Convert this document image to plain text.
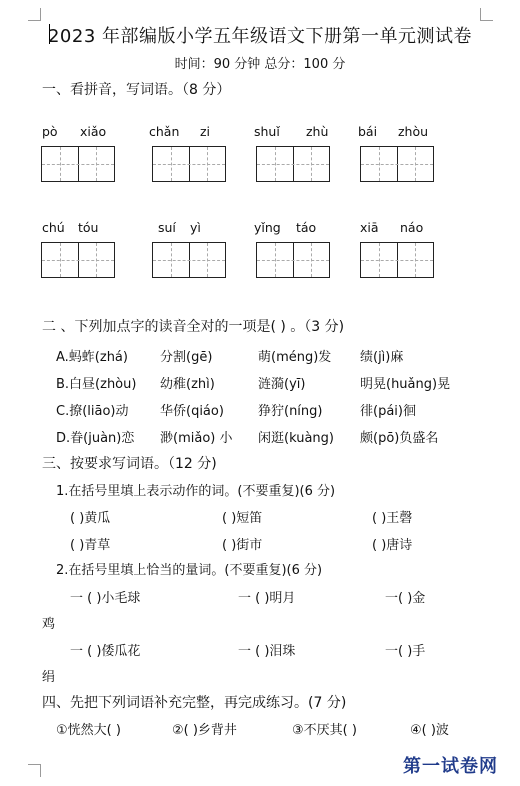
2023 年部编版小学五年级语文下册第一单元测试卷
时间：90 分钟 总分：100 分
一、看拼音，写词语。（8 分）
pò xiǎo	chǎn zi	shuǐ zhù bái zhòu
chú tóu	suí yì	yǐng táo	xiā náo
二 、下列加点字的读音全对的一项是( ) 。（3 分)
A.蚂蚱(zhá) 分割(gē)	萌(méng)发 绩(jì)麻
B.白昼(zhòu) 幼稚(zhì)	涟漪(yī)	明晃(huǎng)晃
C.撩(liāo)动 华侨(qiáo)	狰狞(níng)	徘(pái)徊
D.眷(juàn)恋 渺(miǎo) 小 闲逛(kuàng) 颇(pō)负盛名
三、按要求写词语。（12 分)
1.在括号里填上表示动作的词。(不要重复)(6 分)
( )黄瓜	( )短笛	( )王磬
( )青草	( )街市	( )唐诗
2.在括号里填上恰当的量词。(不要重复)(6 分)
一 ( )小毛球	一 ( )明月	一( )金
鸡
一 ( )倭瓜花	一 ( )泪珠	一( )手
绢
四、先把下列词语补充完整，再完成练习。(7 分)
①恍然大( )	②( )乡背井	③不厌其( )	④( )波
第一试卷网
